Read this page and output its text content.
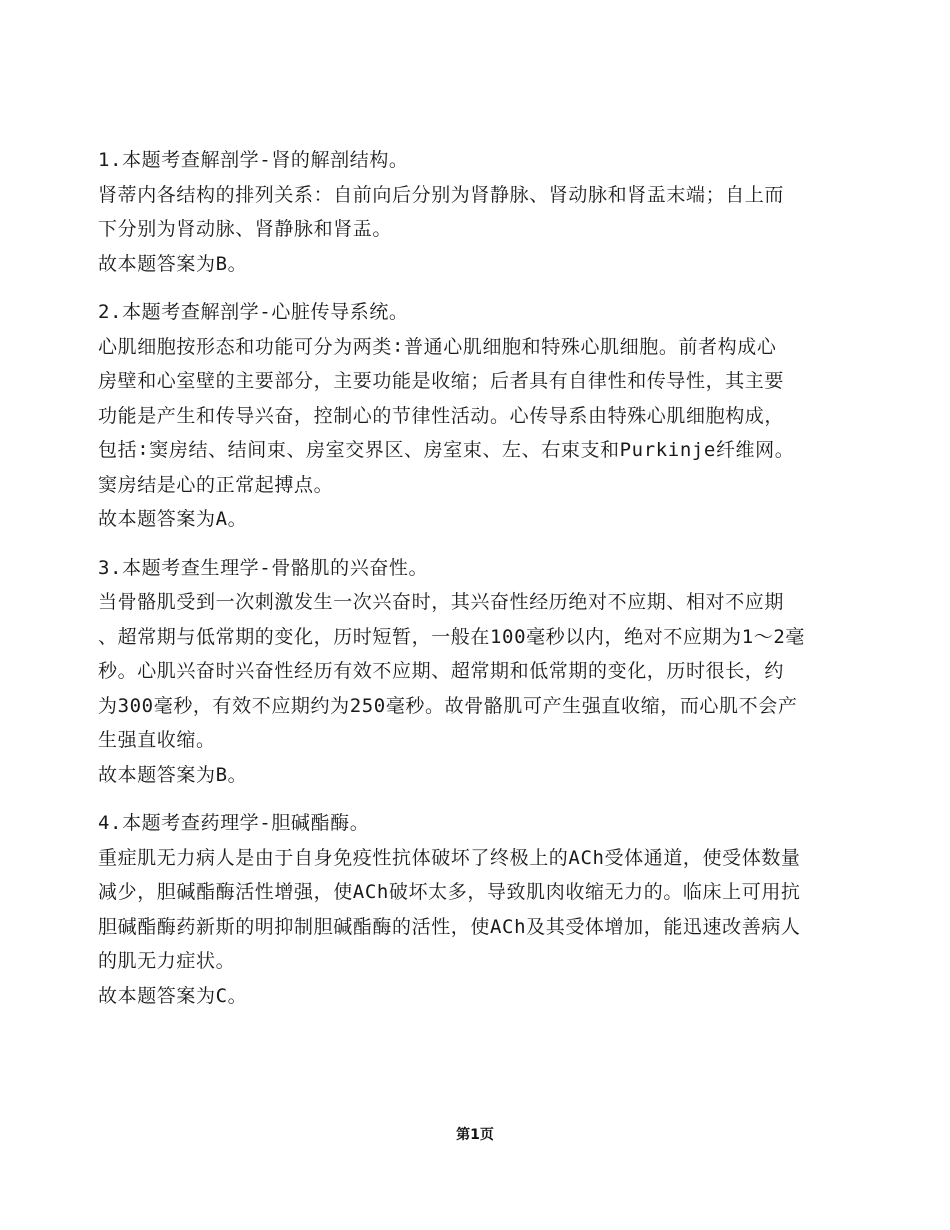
1.本题考查解剖学-肾的解剖结构。
肾蒂内各结构的排列关系：自前向后分别为肾静脉、肾动脉和肾盂末端；自上而
下分别为肾动脉、肾静脉和肾盂。
故本题答案为B。
2.本题考查解剖学-心脏传导系统。
心肌细胞按形态和功能可分为两类∶普通心肌细胞和特殊心肌细胞。前者构成心
房壁和心室壁的主要部分，主要功能是收缩；后者具有自律性和传导性，其主要
功能是产生和传导兴奋，控制心的节律性活动。心传导系由特殊心肌细胞构成，
包括∶窦房结、结间束、房室交界区、房室束、左、右束支和Purkinje纤维网。
窦房结是心的正常起搏点。
故本题答案为A。
3.本题考查生理学-骨骼肌的兴奋性。
当骨骼肌受到一次刺激发生一次兴奋时，其兴奋性经历绝对不应期、相对不应期
、超常期与低常期的变化，历时短暂，一般在100毫秒以内，绝对不应期为1～2毫
秒。心肌兴奋时兴奋性经历有效不应期、超常期和低常期的变化，历时很长，约
为300毫秒，有效不应期约为250毫秒。故骨骼肌可产生强直收缩，而心肌不会产
生强直收缩。
故本题答案为B。
4.本题考查药理学-胆碱酯酶。
重症肌无力病人是由于自身免疫性抗体破坏了终极上的ACh受体通道，使受体数量
减少，胆碱酯酶活性增强，使ACh破坏太多，导致肌肉收缩无力的。临床上可用抗
胆碱酯酶药新斯的明抑制胆碱酯酶的活性，使ACh及其受体增加，能迅速改善病人
的肌无力症状。
故本题答案为C。
第1页
